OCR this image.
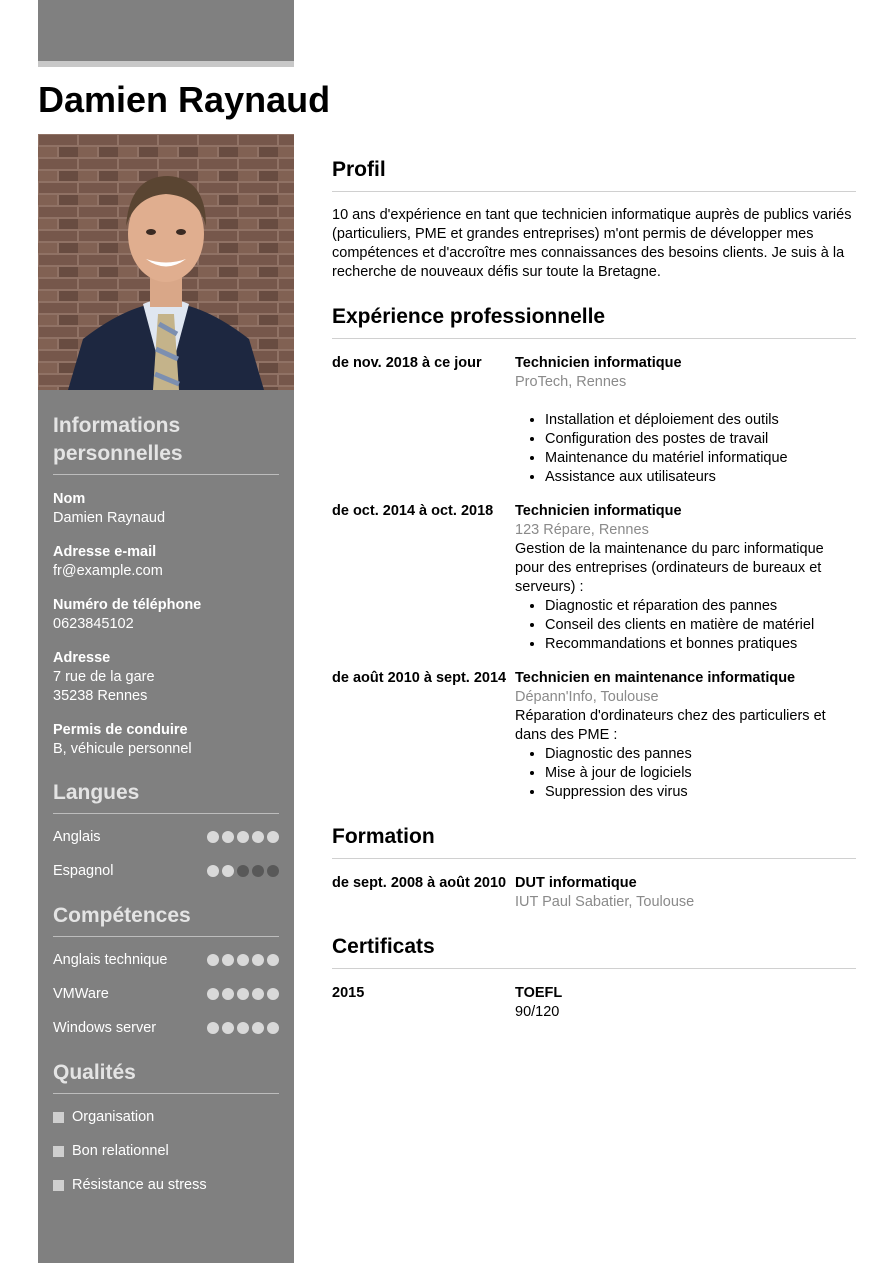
Damien Raynaud
Informations personnelles
Nom
Damien Raynaud
Adresse e-mail
fr@example.com
Numéro de téléphone
0623845102
Adresse
7 rue de la gare
35238 Rennes
Permis de conduire
B, véhicule personnel
Langues
Anglais
Espagnol
Compétences
Anglais technique
VMWare
Windows server
Qualités
Organisation
Bon relationnel
Résistance au stress
Profil

10 ans d'expérience en tant que technicien informatique auprès de publics variés (particuliers, PME et grandes entreprises) m'ont permis de développer mes compétences et d'accroître mes connaissances des besoins clients. Je suis à la recherche de nouveaux défis sur toute la Bretagne.

Expérience professionnelle
de nov. 2018 à ce jour	Technicien informatique
ProTech, Rennes
• Installation et déploiement des outils
• Configuration des postes de travail
• Maintenance du matériel informatique
• Assistance aux utilisateurs
de oct. 2014 à oct. 2018	Technicien informatique
123 Répare, Rennes
Gestion de la maintenance du parc informatique pour des entreprises (ordinateurs de bureaux et serveurs) :
• Diagnostic et réparation des pannes
• Conseil des clients en matière de matériel
• Recommandations et bonnes pratiques
de août 2010 à sept. 2014 Technicien en maintenance informatique
Dépann'Info, Toulouse
Réparation d'ordinateurs chez des particuliers et dans des PME :
• Diagnostic des pannes
• Mise à jour de logiciels
• Suppression des virus
Formation
de sept. 2008 à août 2010 DUT informatique
IUT Paul Sabatier, Toulouse
Certificats
2015	TOEFL
90/120
